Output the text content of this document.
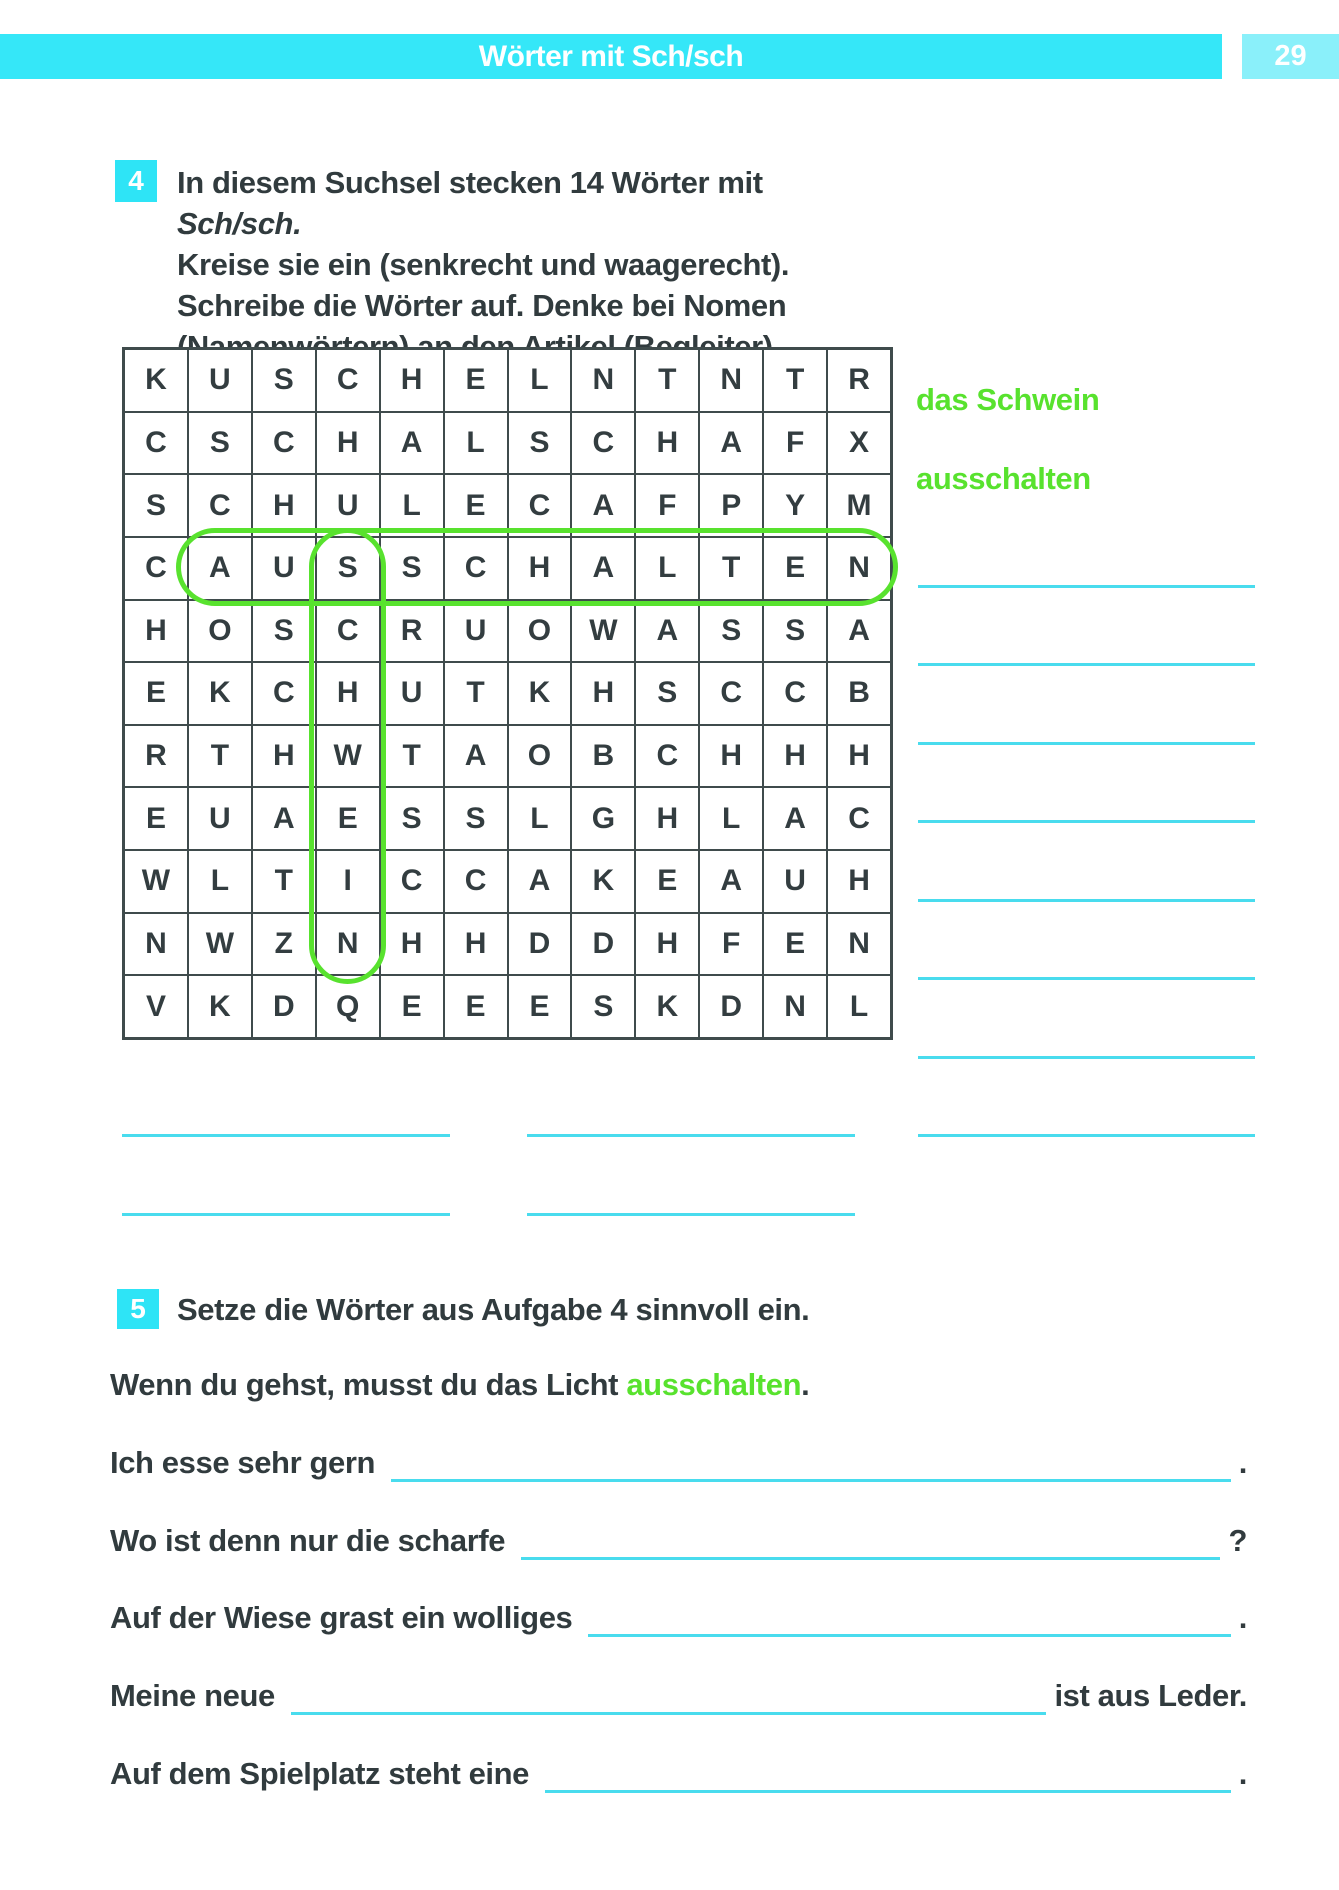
Wörter mit Sch/sch	29
4 In diesem Suchsel stecken 14 Wörter mit Sch/sch.
Kreise sie ein (senkrecht und waagerecht).
Schreibe die Wörter auf. Denke bei Nomen

K	U	S	C	H	E	L	N	T	N	T	R
C	S	C	H	A	L	S	C	H	A	F	X
S	C	H	U	L	E	C	A	F	P	Y	M
C	A	U	S	S	C	H	A	L	T	E	N
H	O	S	C	R	U	O	W	A	S	S	A
E	K	C	H	U	T	K	H	S	C	C	B
R	T	H	W	T	A	O	B	C	H	H	H
E	U	A	E	S	S	L	G	H	L	A	C
W	L	T	I	C	C	A	K	E	A	U	H
N	W	Z	N	H	H	D	D	H	F	E	N
V	K	D	Q	E	E	E	S	K	D	N	L
das Schwein
ausschalten
5 Setze die Wörter aus Aufgabe 4 sinnvoll ein.
Wenn du gehst, musst du das Licht ausschalten .
Ich esse sehr gern	.
Wo ist denn nur die scharfe	?
Auf der Wiese grast ein wolliges	.
Meine neue	ist aus Leder.
Auf dem Spielplatz steht eine	.
